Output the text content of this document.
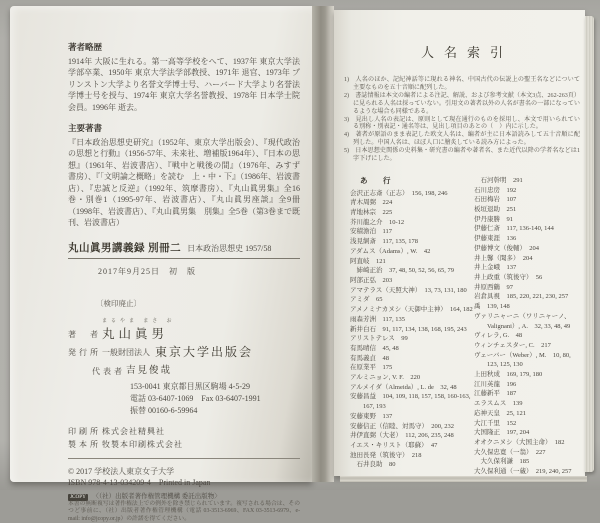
著者略歴
1914年 大阪に生れる。第一高等学校をへて、1937年 東京大学法学部卒業、1950年 東京大学法学部教授、1971年 退官、1973年 プリンストン大学より名誉文学博士号、ハーバード大学より名誉法学博士号を授与、1974年 東京大学名誉教授、1978年 日本学士院会員。1996年 逝去。
主要著書
『日本政治思想史研究』（1952年、東京大学出版会）、『現代政治の思想と行動』（1956-57年、未来社、増補版1964年）、『日本の思想』（1961年、岩波書店）、『戦中と戦後の間』（1976年、みすず書房）、『「文明論之概略」を読む　上・中・下』（1986年、岩波書店）、『忠誠と反逆』（1992年、筑摩書房）、『丸山眞男集』全16巻・別巻1（1995-97年、岩波書店）、『丸山眞男座談』全9冊（1998年、岩波書店）、『丸山眞男集　別集』全5巻（第3巻まで既刊、岩波書店）
丸山眞男講義録 別冊二 日本政治思想史 1957/58
2017年9月25日　初　版
〔検印廃止〕
著　者
まるやま まさ お
丸山眞男
発行所 一般財団法人 東京大学出版会
代表者 吉見俊哉
153-0041 東京都目黒区駒場 4-5-29
電話 03-6407-1069　Fax 03-6407-1991
振替 00160-6-59964
印刷所 株式会社精興社
製本所 牧製本印刷株式会社
© 2017 学校法人東京女子大学
ISBN 978-4-13-034209-4　Printed in Japan
JCOPY 〈（社）出版者著作権管理機構 委託出版物〉
本書の無断複写は著作権法上での例外を除き禁じられています。複写される場合は、そのつど事前に、（社）出版者著作権管理機構（電話 03-3513-6969、FAX 03-3513-6979、e-mail: info@jcopy.or.jp）の許諾を得てください。
人名索引
1)　人名のほか、記紀神話等に現れる神名、中国古代の伝説上の聖王名などについて主要なものを五十音順に配列した。
2)　書誌情報は本文の編者による注記、解説、および参考文献（本文3点、262-263頁）に見られる人名は採っていない。引用文の著者以外の人名が書名の一部になっているような場合も同様である。
3)　見出し人名の表記は、原則として現在通行のものを採用し、本文で用いられている別称・別表記・通名等は、見出し項目のあとの（　）内に示した。
4)　著者が原語のまま表記した欧文人名は、編者が主に日本語読みして五十音順に配列した。中国人名は、ほぼ人口に膾炙している読み方によった。
5)　日本思想史関係の史料集・研究書の編者や著者名、また近代以降の学者名などは1字下げにした。
あ　行
会沢正志斎（正志）　156, 198, 246
青木周弼　224
青地林宗　225
芥川龍之介　10-12
安積澹泊　117
浅見絅斎　117, 135, 178
アダムス（Adams）, W.　42
阿直岐　121
　姉崎正治　37, 48, 50, 52, 56, 65, 79
阿部正弘　203
アマテラス（天照大神）　13, 73, 131, 180
アミダ　65
アメノミナカヌシ（天御中主神）　164, 182
雨森芳洲　117, 135
新井白石　91, 117, 134, 138, 168, 195, 243
アリストテレス　99
有馬晴信　45, 48
有馬義貞　48
在原業平　175
アルミニョン, V. F.　220
アルメイダ（Almeida）, L. de　32, 48
安藤昌益　104, 109, 118, 157, 158, 160-163, 167, 193
安藤東野　137
安藤信正（信睦、対馬守）　200, 232
井伊直弼（大老）　112, 206, 235, 248
イエス・キリスト（耶蘇）　47
池田長発（筑後守）　218
　石井良助　80
　石河幹明　291
石川忠房　192
石田梅岩　107
板垣退助　251
伊丹康勝　91
伊藤仁斎　117, 136-140, 144
伊藤東涯　136
伊藤博文（俊輔）　204
井上馨（聞多）　204
井上金峨　137
井上政重（筑後守）　56
井原西鶴　97
岩倉具視　185, 220, 221, 230, 257
禹　139, 148
ヴァリニャーニ（ワリニャーノ、Valignani）, A.　32, 33, 48, 49
ヴィレラ, G.　48
ウィンチェスター, C.　217
ヴェーバー（Weber）, M.　10, 80, 123, 125, 130
上田秋成　169, 179, 180
江川英龍　196
江藤新平　187
エラスムス　139
応神天皇　25, 121
大江千里　152
大国隆正　197, 204
オオクニヌシ（大国主命）　182
大久保忠寛（一翁）　227
　大久保利謙　185
大久保利通（一蔵）　219, 240, 257
